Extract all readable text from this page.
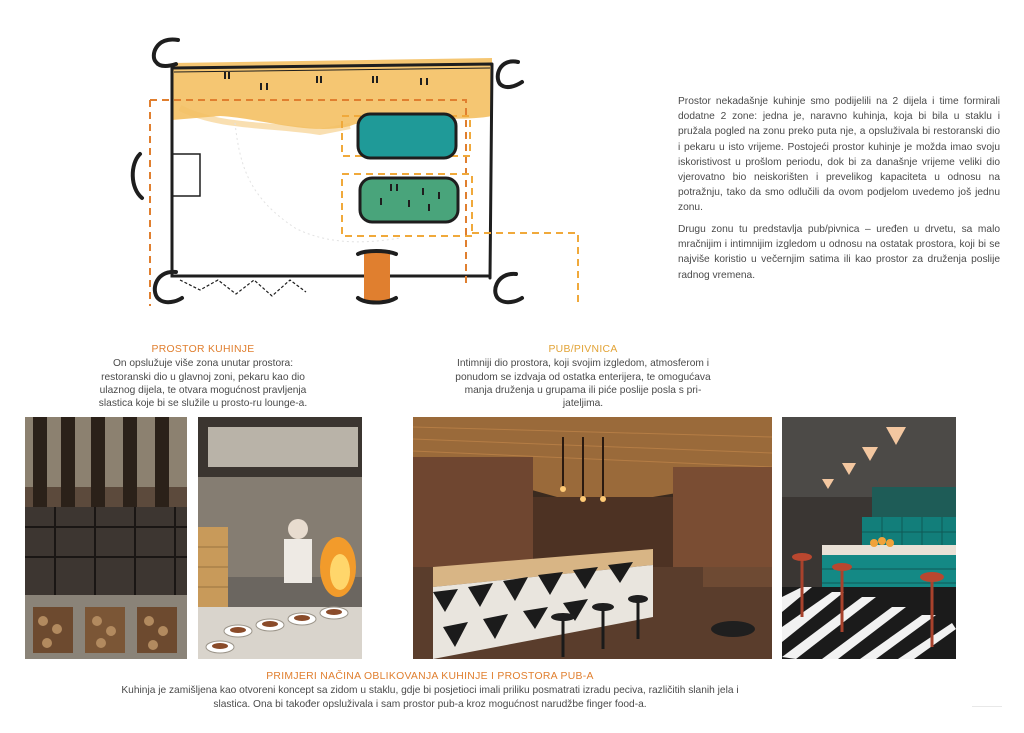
Prostor nekadašnje kuhinje smo podijelili na 2 dijela i time formirali dodatne 2 zone: jedna je, naravno kuhinja, koja bi bila u staklu i pružala pogled na zonu preko puta nje, a opsluživala bi restoranski dio i pekaru u isto vrijeme. Postojeći prostor kuhinje je možda imao svoju iskoristivost u prošlom periodu, dok bi za današnje vrijeme veliki dio vjerovatno bio neiskorišten i prevelikog kapaciteta u odnosu na potražnju, tako da smo odlučili da ovom podjelom uvedemo još jednu zonu.

Drugu zonu tu predstavlja pub/pivnica – uređen u drvetu, sa malo mračnijim i intimnijim izgledom u odnosu na ostatak prostora, koji bi se najviše koristio u večernjim satima ili kao prostor za druženja poslije radnog vremena.

PROSTOR KUHINJE
On opslužuje više zona unutar prostora: restoranski dio u glavnoj zoni, pekaru kao dio ulaznog dijela, te otvara mogućnost pravljenja slastica koje bi se služile u prosto-ru lounge-a.
PUB/PIVNICA
Intimniji dio prostora, koji svojim izgledom, atmosferom i ponudom se izdvaja od ostatka enterijera, te omogućava manja druženja u grupama ili piće poslije posla s pri-jateljima.
PRIMJERI NAČINA OBLIKOVANJA KUHINJE I PROSTORA PUB-A
Kuhinja je zamišljena kao otvoreni koncept sa zidom u staklu, gdje bi posjetioci imali priliku posmatrati izradu peciva, različitih slanih jela i slastica. Ona bi također opsluživala i sam prostor pub-a kroz mogućnost narudžbe finger food-a.
